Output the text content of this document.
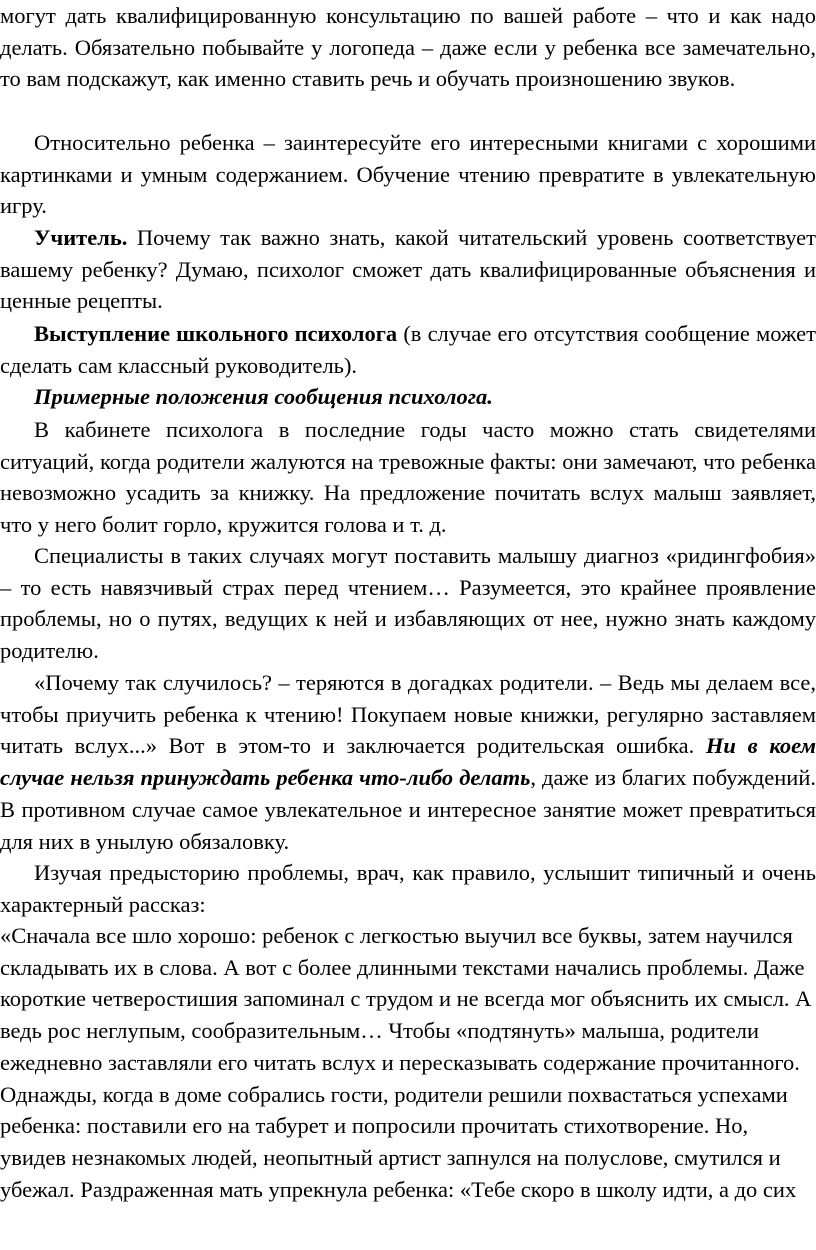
могут дать квалифицированную консультацию по вашей работе – что и как надо делать. Обязательно побывайте у логопеда – даже если у ребенка все замечательно, то вам подскажут, как именно ставить речь и обучать произношению звуков.

Относительно ребенка – заинтересуйте его интересными книгами с хорошими картинками и умным содержанием. Обучение чтению превратите в увлекательную игру.

Учитель. Почему так важно знать, какой читательский уровень соответствует вашему ребенку? Думаю, психолог сможет дать квалифицированные объяснения и ценные рецепты.

Выступление школьного психолога (в случае его отсутствия сообщение может сделать сам классный руководитель).

Примерные положения сообщения психолога.

В кабинете психолога в последние годы часто можно стать свидетелями ситуаций, когда родители жалуются на тревожные факты: они замечают, что ребенка невозможно усадить за книжку. На предложение почитать вслух малыш заявляет, что у него болит горло, кружится голова и т. д.

Специалисты в таких случаях могут поставить малышу диагноз «ридингфобия» – то есть навязчивый страх перед чтением… Разумеется, это крайнее проявление проблемы, но о путях, ведущих к ней и избавляющих от нее, нужно знать каждому родителю.

«Почему так случилось? – теряются в догадках родители. – Ведь мы делаем все, чтобы приучить ребенка к чтению! Покупаем новые книжки, регулярно заставляем читать вслух...» Вот в этом-то и заключается родительская ошибка. Ни в коем случае нельзя принуждать ребенка что-либо делать, даже из благих побуждений. В противном случае самое увлекательное и интересное занятие может превратиться для них в унылую обязаловку.

Изучая предысторию проблемы, врач, как правило, услышит типичный и очень характерный рассказ:

«Сначала все шло хорошо: ребенок с легкостью выучил все буквы, затем научился складывать их в слова. А вот с более длинными текстами начались проблемы. Даже короткие четверостишия запоминал с трудом и не всегда мог объяснить их смысл. А ведь рос неглупым, сообразительным… Чтобы «подтянуть» малыша, родители ежедневно заставляли его читать вслух и пересказывать содержание прочитанного. Однажды, когда в доме собрались гости, родители решили похвастаться успехами ребенка: поставили его на табурет и попросили прочитать стихотворение. Но, увидев незнакомых людей, неопытный артист запнулся на полуслове, смутился и убежал. Раздраженная мать упрекнула ребенка: «Тебе скоро в школу идти, а до сих
